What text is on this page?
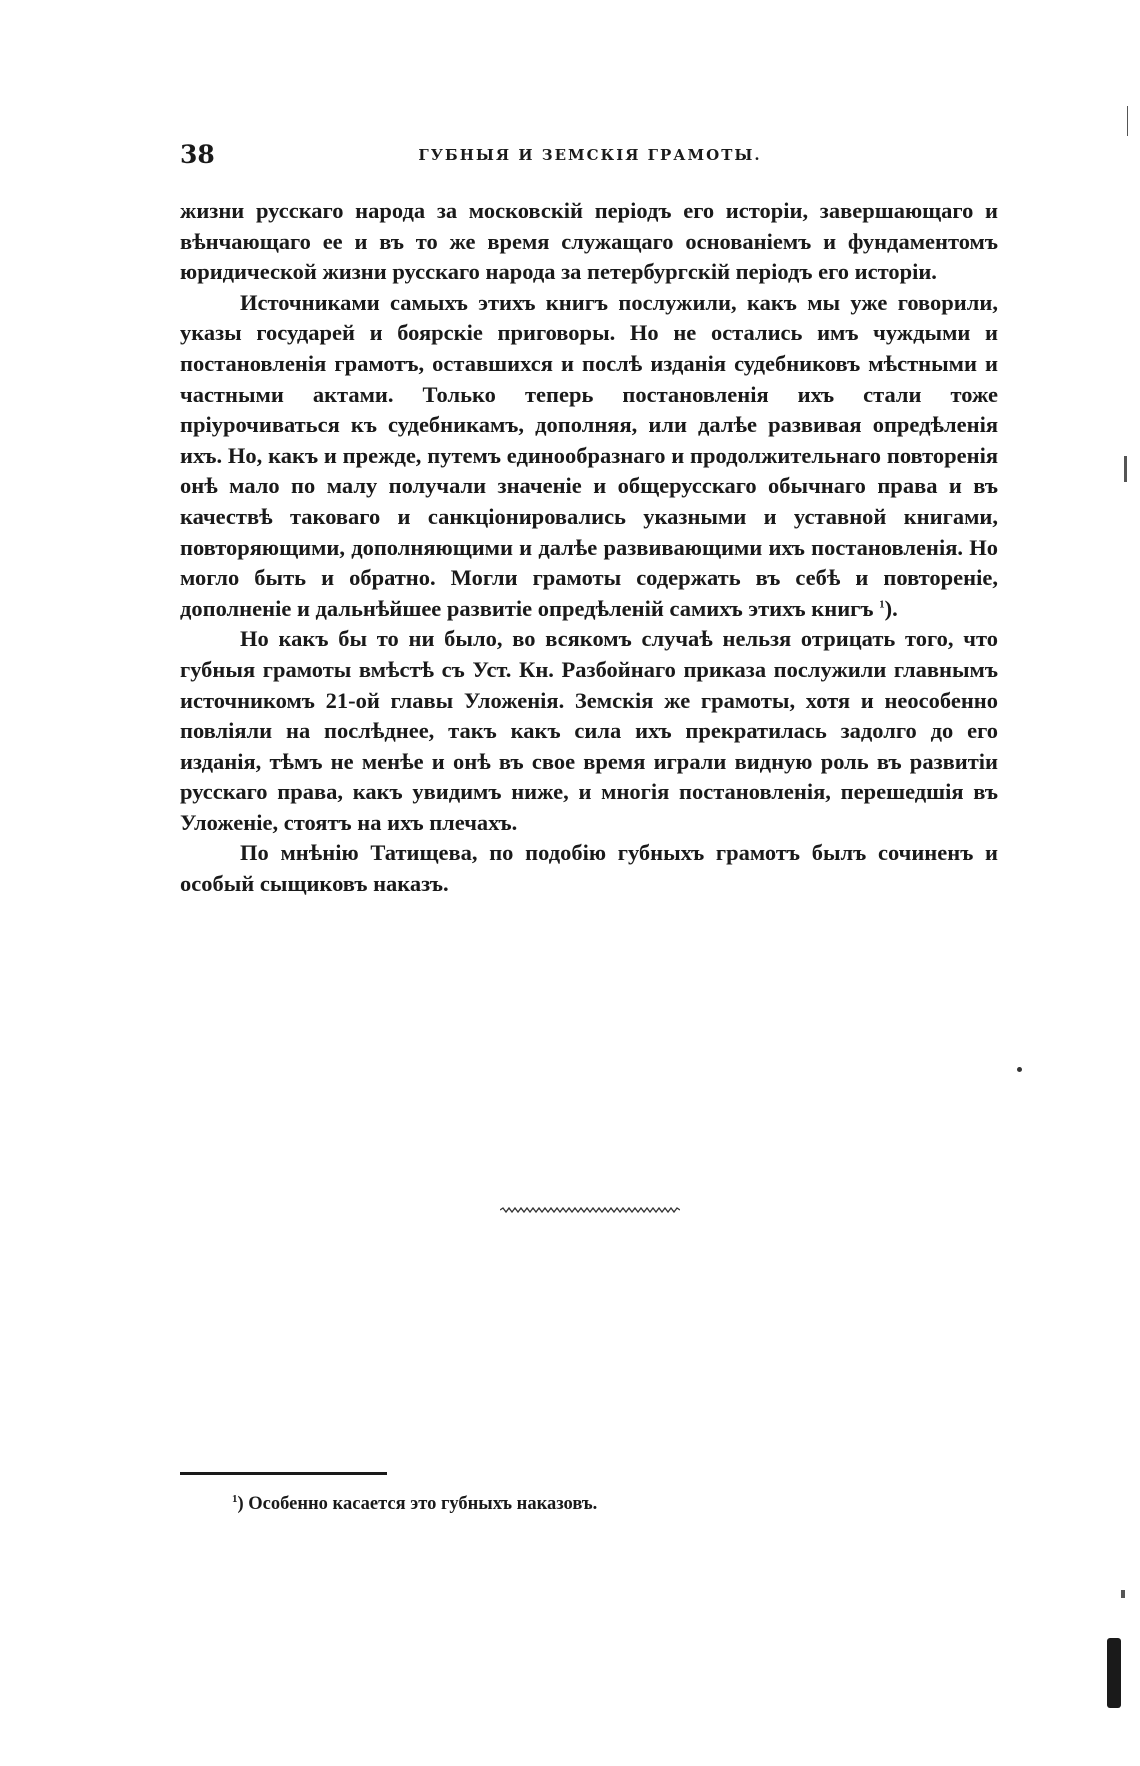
38	ГУБНЫЯ И ЗЕМСКІЯ ГРАМОТЫ.

жизни русскаго народа за московскій періодъ его исторіи, завершающаго и вѣнчающаго ее и въ то же время служащаго основаніемъ и фундаментомъ юридической жизни русскаго народа за петербургскій періодъ его исторіи.

Источниками самыхъ этихъ книгъ послужили, какъ мы уже говорили, указы государей и боярскіе приговоры. Но не остались имъ чуждыми и постановленія грамотъ, оставшихся и послѣ изданія судебниковъ мѣстными и частными актами. Только теперь постановленія ихъ стали тоже пріурочиваться къ судебникамъ, дополняя, или далѣе развивая опредѣленія ихъ. Но, какъ и прежде, путемъ единообразнаго и продолжительнаго повторенія онѣ мало по малу получали значеніе и общерусскаго обычнаго права и въ качествѣ таковаго и санкціонировались указными и уставной книгами, повторяющими, дополняющими и далѣе развивающими ихъ постановленія. Но могло быть и обратно. Могли грамоты содержать въ себѣ и повтореніе, дополненіе и дальнѣйшее развитіе опредѣленій самихъ этихъ книгъ $^1$).

Но какъ бы то ни было, во всякомъ случаѣ нельзя отрицать того, что губныя грамоты вмѣстѣ съ Уст. Кн. Разбойнаго приказа послужили главнымъ источникомъ 21-ой главы Уложенія. Земскія же грамоты, хотя и неособенно повліяли на послѣднее, такъ какъ сила ихъ прекратилась задолго до его изданія, тѣмъ не менѣе и онѣ въ свое время играли видную роль въ развитіи русскаго права, какъ увидимъ ниже, и многія постановленія, перешедшія въ Уложеніе, стоятъ на ихъ плечахъ.

По мнѣнію Татищева, по подобію губныхъ грамотъ былъ сочиненъ и особый сыщиковъ наказъ.

$^1$) Особенно касается это губныхъ наказовъ.
